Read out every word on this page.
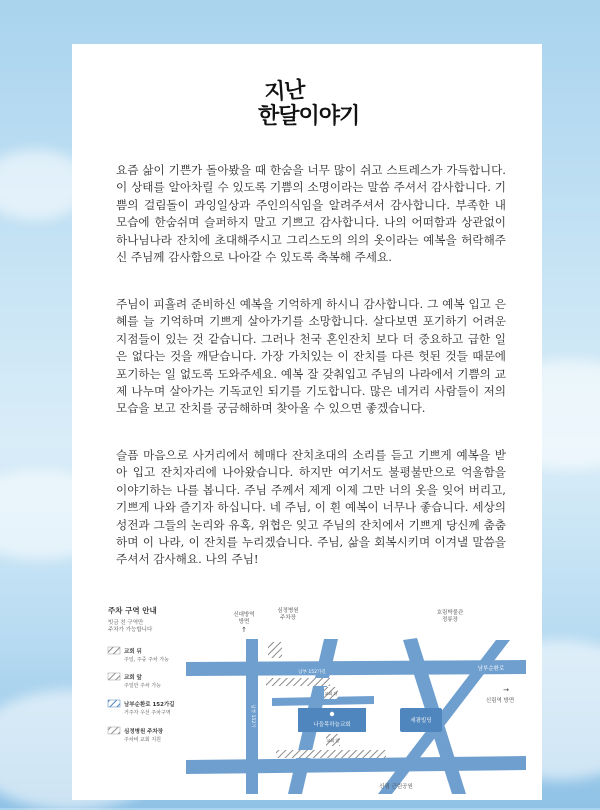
지난
한달이야기

요즘 삶이 기쁜가 돌아봤을 때 한숨을 너무 많이 쉬고 스트레스가 가득합니다. 이 상태를 알아차릴 수 있도록 기쁨의 소명이라는 말씀 주셔서 감사합니다. 기쁨의 걸림돌이 과잉일상과 주인의식임을 알려주셔서 감사합니다. 부족한 내 모습에 한숨쉬며 슬퍼하지 말고 기쁘고 감사합니다. 나의 어떠함과 상관없이 하나님나라 잔치에 초대해주시고 그리스도의 의의 옷이라는 예복을 허락해주신 주님께 감사함으로 나아갈 수 있도록 축복해 주세요.

주님이 피흘려 준비하신 예복을 기억하게 하시니 감사합니다. 그 예복 입고 은혜를 늘 기억하며 기쁘게 살아가기를 소망합니다. 살다보면 포기하기 어려운 지점들이 있는 것 같습니다. 그러나 천국 혼인잔치 보다 더 중요하고 급한 일은 없다는 것을 깨닫습니다. 가장 가치있는 이 잔치를 다른 헛된 것들 때문에 포기하는 일 없도록 도와주세요. 예복 잘 갖춰입고 주님의 나라에서 기쁨의 교제 나누며 살아가는 기독교인 되기를 기도합니다. 많은 네거리 사람들이 저의 모습을 보고 잔치를 궁금해하며 찾아올 수 있으면 좋겠습니다.

슬픔 마음으로 사거리에서 헤매다 잔치초대의 소리를 듣고 기쁘게 예복을 받아 입고 잔치자리에 나아왔습니다. 하지만 여기서도 불평불만으로 억울함을 이야기하는 나를 봅니다. 주님 주께서 제게 이제 그만 너의 옷을 잊어 버리고, 기쁘게 나와 즐기자 하십니다. 네 주님, 이 흰 예복이 너무나 좋습니다. 세상의 성전과 그들의 논리와 유혹, 위협은 잊고 주님의 잔치에서 기쁘게 당신께 춤춤하며 이 나라, 이 잔치를 누리겠습니다. 주님, 삶을 회복시키며 이겨낼 말씀을 주셔서 감사해요. 나의 주님!

주차 구역 안내
빗금 친 구역만
주차가 가능합니다
교회 뒤
주일, 주중 주차 가능
교회 앞
주일만 주차 가능
남부순환로 152가길
거주자 우선 주차구역
심정병원 주차장
주차비 교회 지원
나들목하늘교회
세광빌딩
신대방역
방면
↑
심정병원
주차장
호림박물관
정류장
남부순환로
남부 152가길
남부 152가
교회 뒤
교회 앞
→
신림역 방면
신림 근린공원
